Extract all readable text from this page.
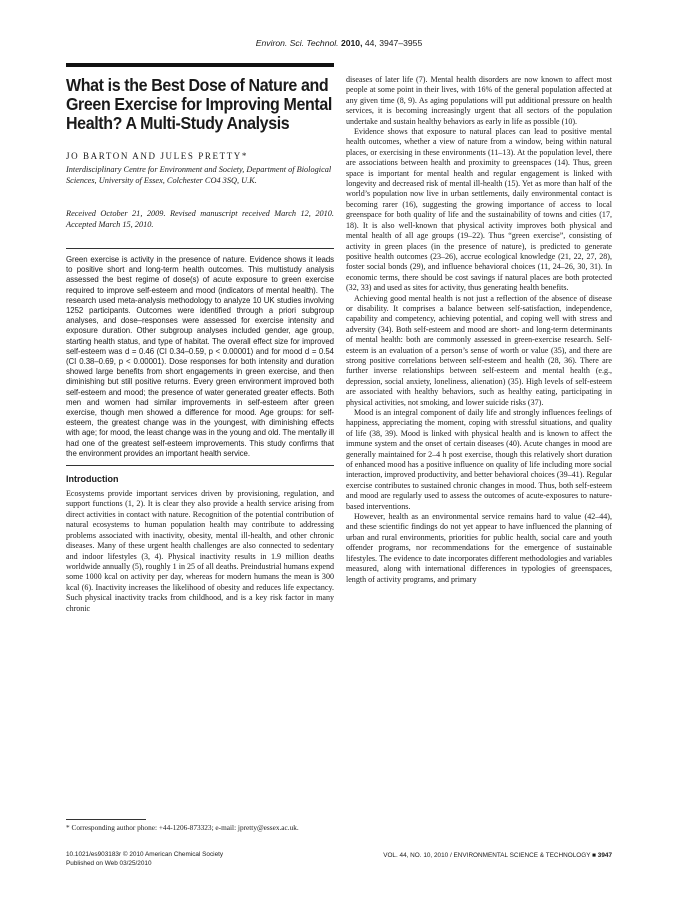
Environ. Sci. Technol. 2010, 44, 3947–3955
What is the Best Dose of Nature and Green Exercise for Improving Mental Health? A Multi-Study Analysis
JO BARTON AND JULES PRETTY*
Interdisciplinary Centre for Environment and Society, Department of Biological Sciences, University of Essex, Colchester CO4 3SQ, U.K.
Received October 21, 2009. Revised manuscript received March 12, 2010. Accepted March 15, 2010.
Green exercise is activity in the presence of nature. Evidence shows it leads to positive short and long-term health outcomes. This multistudy analysis assessed the best regime of dose(s) of acute exposure to green exercise required to improve self-esteem and mood (indicators of mental health). The research used meta-analysis methodology to analyze 10 UK studies involving 1252 participants. Outcomes were identified through a priori subgroup analyses, and dose–responses were assessed for exercise intensity and exposure duration. Other subgroup analyses included gender, age group, starting health status, and type of habitat. The overall effect size for improved self-esteem was d = 0.46 (CI 0.34–0.59, p < 0.00001) and for mood d = 0.54 (CI 0.38–0.69, p < 0.00001). Dose responses for both intensity and duration showed large benefits from short engagements in green exercise, and then diminishing but still positive returns. Every green environment improved both self-esteem and mood; the presence of water generated greater effects. Both men and women had similar improvements in self-esteem after green exercise, though men showed a difference for mood. Age groups: for self-esteem, the greatest change was in the youngest, with diminishing effects with age; for mood, the least change was in the young and old. The mentally ill had one of the greatest self-esteem improvements. This study confirms that the environment provides an important health service.
Introduction

Ecosystems provide important services driven by provisioning, regulation, and support functions (1, 2). It is clear they also provide a health service arising from direct activities in contact with nature. Recognition of the potential contribution of natural ecosystems to human population health may contribute to addressing problems associated with inactivity, obesity, mental ill-health, and other chronic diseases. Many of these urgent health challenges are also connected to sedentary and indoor lifestyles (3, 4). Physical inactivity results in 1.9 million deaths worldwide annually (5), roughly 1 in 25 of all deaths. Preindustrial humans expend some 1000 kcal on activity per day, whereas for modern humans the mean is 300 kcal (6). Inactivity increases the likelihood of obesity and reduces life expectancy. Such physical inactivity tracks from childhood, and is a key risk factor in many chronic

diseases of later life (7). Mental health disorders are now known to affect most people at some point in their lives, with 16% of the general population affected at any given time (8, 9). As aging populations will put additional pressure on health services, it is becoming increasingly urgent that all sectors of the population undertake and sustain healthy behaviors as early in life as possible (10).

Evidence shows that exposure to natural places can lead to positive mental health outcomes, whether a view of nature from a window, being within natural places, or exercising in these environments (11–13). At the population level, there are associations between health and proximity to greenspaces (14). Thus, green space is important for mental health and regular engagement is linked with longevity and decreased risk of mental ill-health (15). Yet as more than half of the world’s population now live in urban settlements, daily environmental contact is becoming rarer (16), suggesting the growing importance of access to local greenspace for both quality of life and the sustainability of towns and cities (17, 18). It is also well-known that physical activity improves both physical and mental health of all age groups (19–22). Thus “green exercise”, consisting of activity in green places (in the presence of nature), is predicted to generate positive health outcomes (23–26), accrue ecological knowledge (21, 22, 27, 28), foster social bonds (29), and influence behavioral choices (11, 24–26, 30, 31). In economic terms, there should be cost savings if natural places are both protected (32, 33) and used as sites for activity, thus generating health benefits.

Achieving good mental health is not just a reflection of the absence of disease or disability. It comprises a balance between self-satisfaction, independence, capability and competency, achieving potential, and coping well with stress and adversity (34). Both self-esteem and mood are short- and long-term determinants of mental health: both are commonly assessed in green-exercise research. Self-esteem is an evaluation of a person’s sense of worth or value (35), and there are strong positive correlations between self-esteem and health (28, 36). There are further inverse relationships between self-esteem and mental health (e.g., depression, social anxiety, loneliness, alienation) (35). High levels of self-esteem are associated with healthy behaviors, such as healthy eating, participating in physical activities, not smoking, and lower suicide risks (37).

Mood is an integral component of daily life and strongly influences feelings of happiness, appreciating the moment, coping with stressful situations, and quality of life (38, 39). Mood is linked with physical health and is known to affect the immune system and the onset of certain diseases (40). Acute changes in mood are generally maintained for 2–4 h post exercise, though this relatively short duration of enhanced mood has a positive influence on quality of life including more social interaction, improved productivity, and better behavioral choices (39–41). Regular exercise contributes to sustained chronic changes in mood. Thus, both self-esteem and mood are regularly used to assess the outcomes of acute-exposures to nature-based interventions.

However, health as an environmental service remains hard to value (42–44), and these scientific findings do not yet appear to have influenced the planning of urban and rural environments, priorities for public health, social care and youth offender programs, nor recommendations for the emergence of sustainable lifestyles. The evidence to date incorporates different methodologies and variables measured, along with international differences in typologies of greenspaces, length of activity programs, and primary

* Corresponding author phone: +44-1206-873323; e-mail: jpretty@essex.ac.uk.
10.1021/es903183r © 2010 American Chemical Society
Published on Web 03/25/2010
VOL. 44, NO. 10, 2010 / ENVIRONMENTAL SCIENCE & TECHNOLOGY ■ 3947
